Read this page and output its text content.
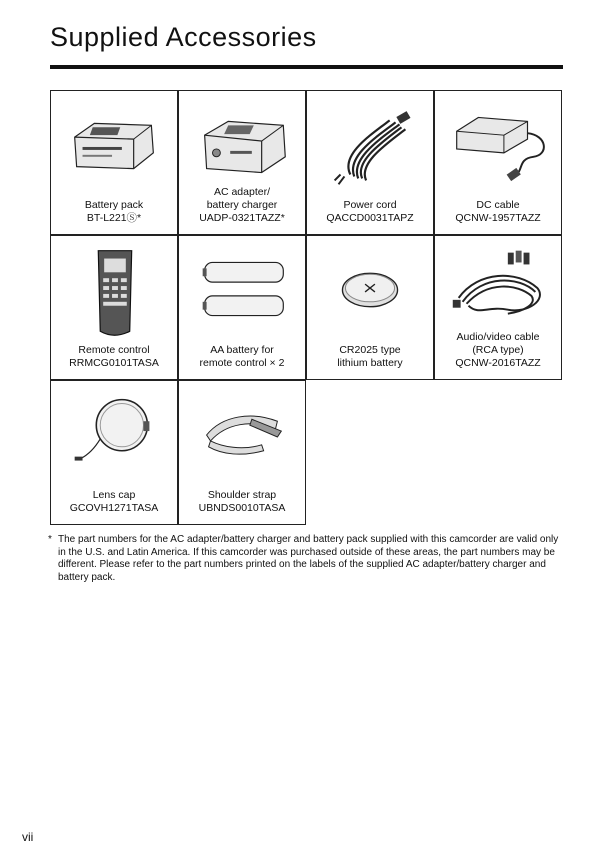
Supplied Accessories
Battery pack
BT-L221Ⓢ*
AC adapter/
battery charger
UADP-0321TAZZ*
Power cord
QACCD0031TAPZ
DC cable
QCNW-1957TAZZ
Remote control
RRMCG0101TASA
AA battery for
remote control × 2
CR2025 type
lithium battery
Audio/video cable
(RCA type)
QCNW-2016TAZZ
Lens cap
GCOVH1271TASA
Shoulder strap
UBNDS0010TASA
* The part numbers for the AC adapter/battery charger and battery pack supplied with this camcorder are valid only in the U.S. and Latin America. If this camcorder was purchased outside of these areas, the part numbers may be different. Please refer to the part numbers printed on the labels of the supplied AC adapter/battery charger and battery pack.
vii
